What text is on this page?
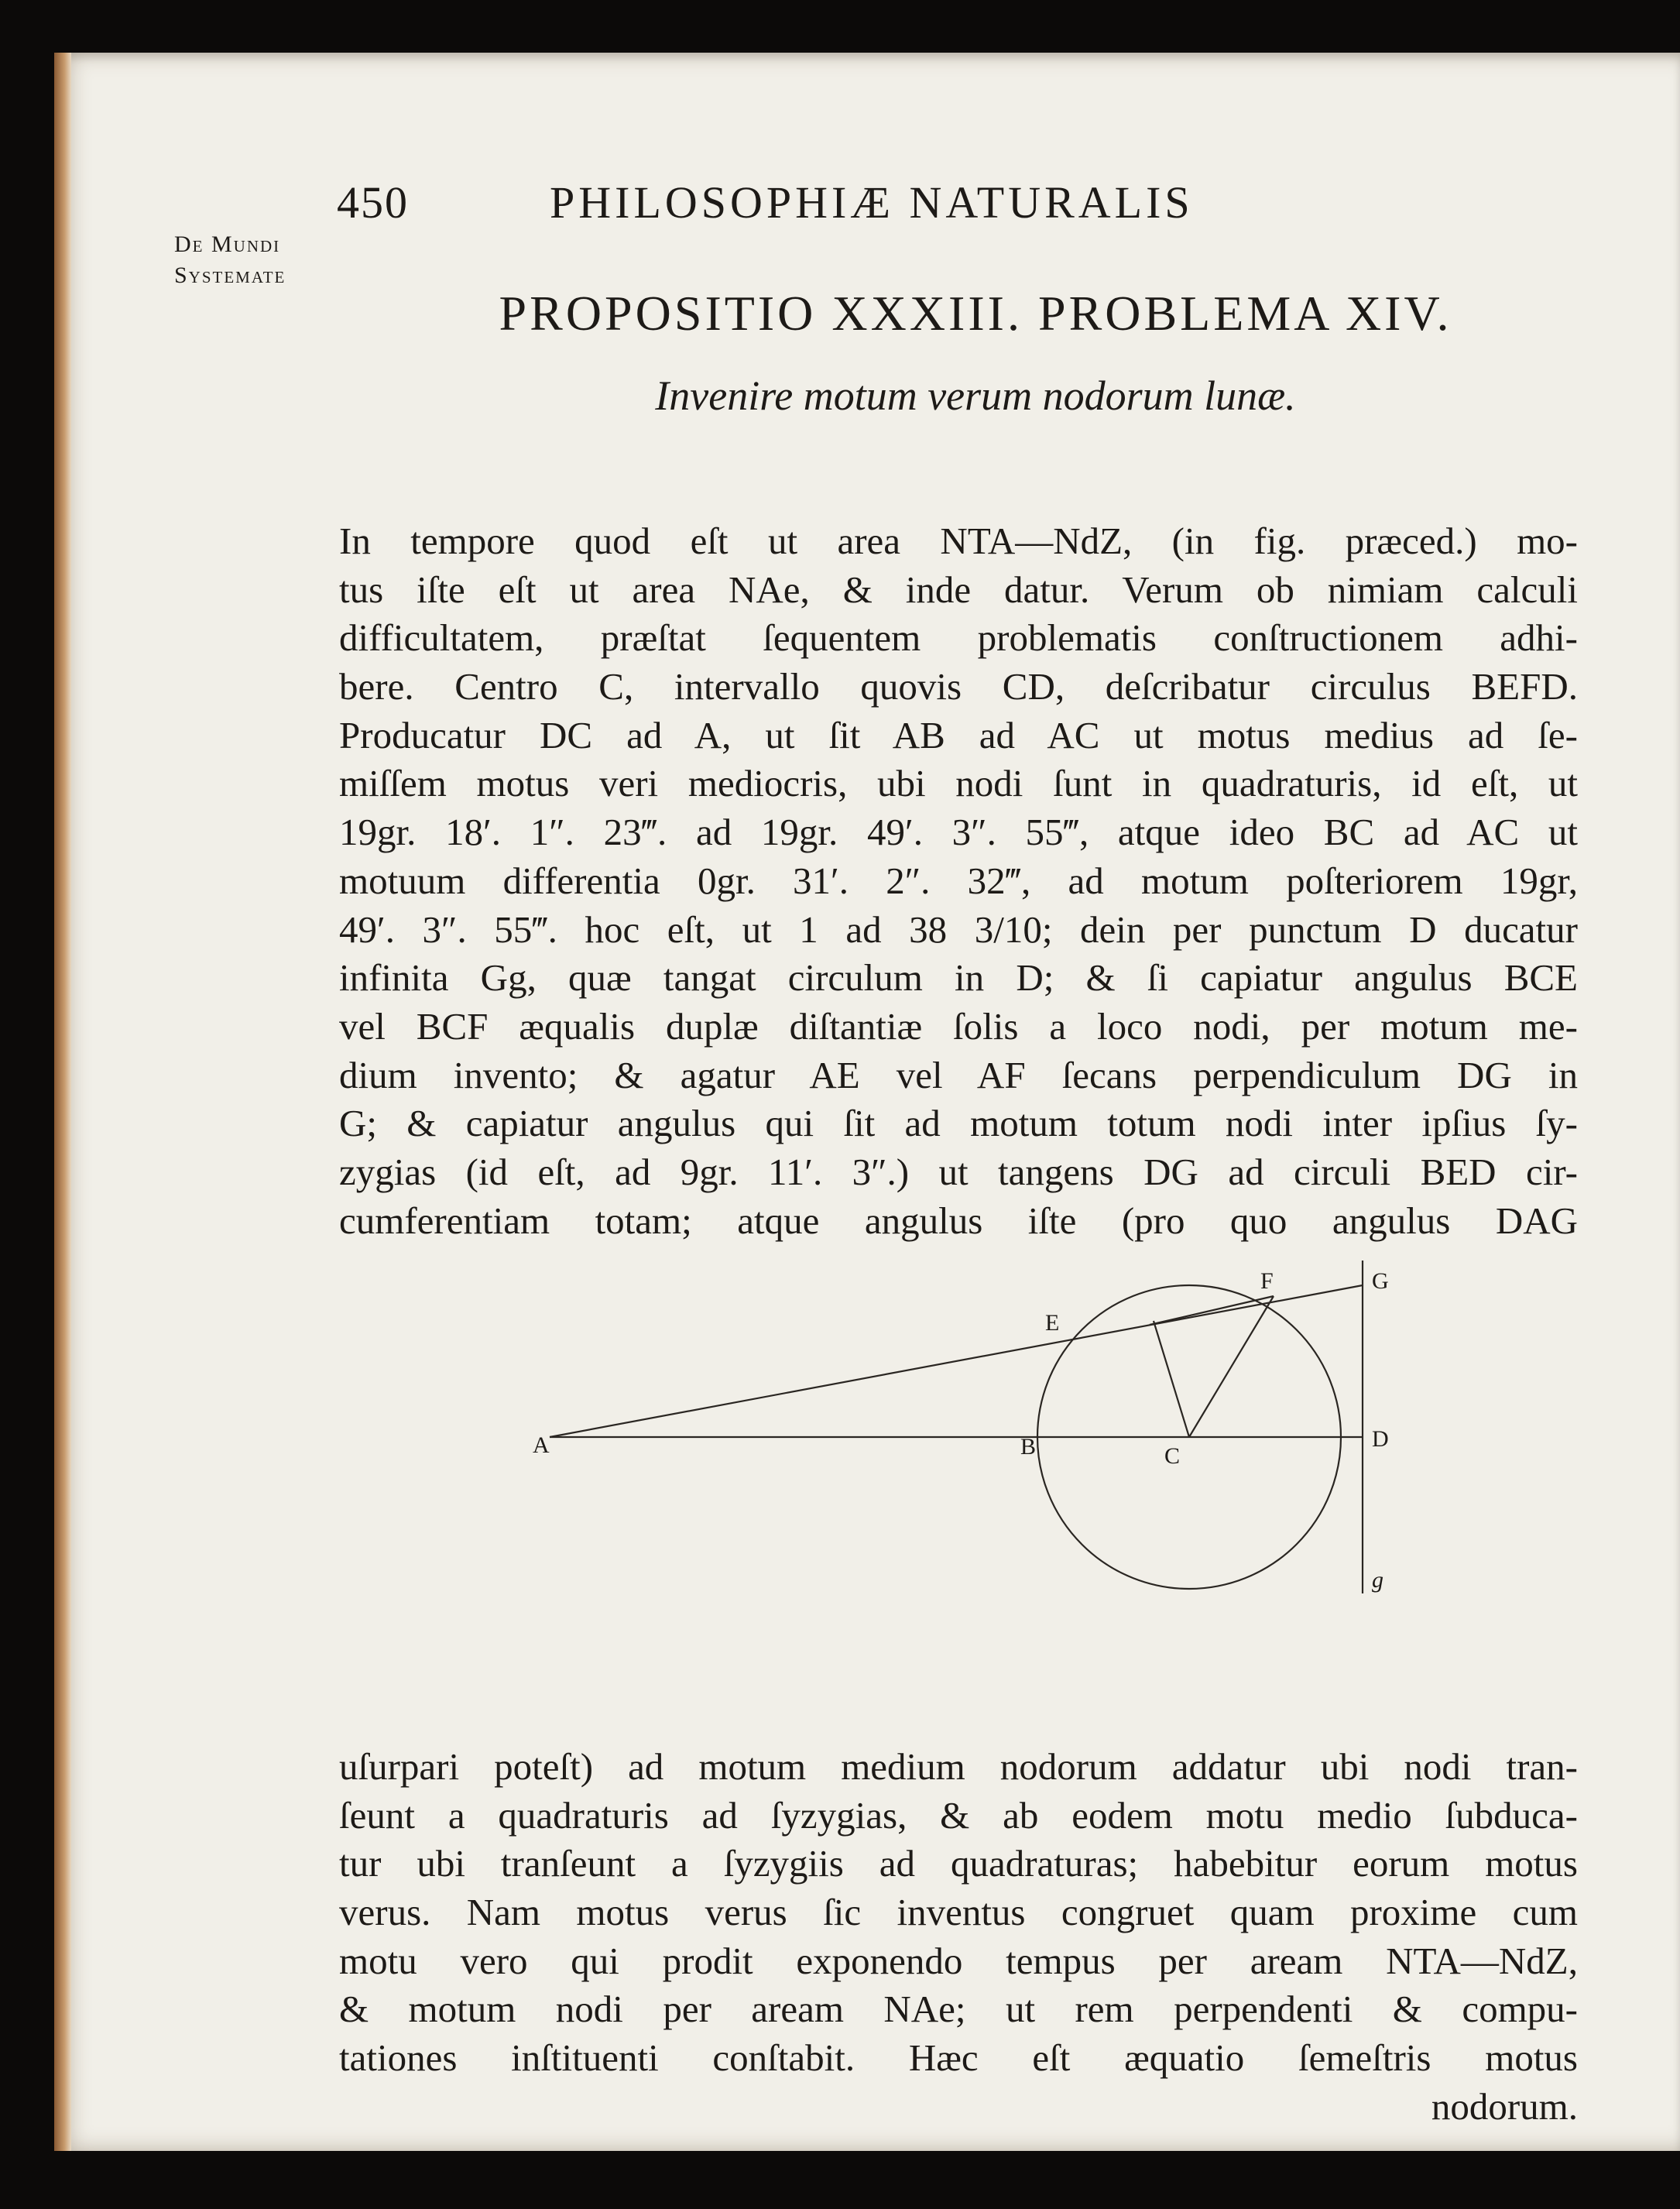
450	PHILOSOPHIÆ NATURALIS
De Mundi
Systemate
PROPOSITIO XXXIII. PROBLEMA XIV.
Invenire motum verum nodorum lunæ.
In tempore quod eſt ut area NTA—NdZ, (in fig. præced.) mo-
tus iſte eſt ut area NAe, & inde datur. Verum ob nimiam calculi
difficultatem, præſtat ſequentem problematis conſtructionem adhi-
bere. Centro C, intervallo quovis CD, deſcribatur circulus BEFD.
Producatur DC ad A, ut ſit AB ad AC ut motus medius ad ſe-
miſſem motus veri mediocris, ubi nodi ſunt in quadraturis, id eſt, ut
19gr. 18′. 1″. 23‴. ad 19gr. 49′. 3″. 55‴, atque ideo BC ad AC ut
motuum differentia 0gr. 31′. 2″. 32‴, ad motum poſteriorem 19gr,
49′. 3″. 55‴. hoc eſt, ut 1 ad 38 3/10; dein per punctum D ducatur
infinita Gg, quæ tangat circulum in D; & ſi capiatur angulus BCE
vel BCF æqualis duplæ diſtantiæ ſolis a loco nodi, per motum me-
dium invento; & agatur AE vel AF ſecans perpendiculum DG in
G; & capiatur angulus qui ſit ad motum totum nodi inter ipſius ſy-
zygias (id eſt, ad 9gr. 11′. 3″.) ut tangens DG ad circuli BED cir-
cumferentiam totam; atque angulus iſte (pro quo angulus DAG
A	B	C
D
E
F	G
g
uſurpari poteſt) ad motum medium nodorum addatur ubi nodi tran-
ſeunt a quadraturis ad ſyzygias, & ab eodem motu medio ſubduca-
tur ubi tranſeunt a ſyzygiis ad quadraturas; habebitur eorum motus
verus. Nam motus verus ſic inventus congruet quam proxime cum
motu vero qui prodit exponendo tempus per aream NTA—NdZ,
& motum nodi per aream NAe; ut rem perpendenti & compu-
tationes inſtituenti conſtabit. Hæc eſt æquatio ſemeſtris motus
nodorum.
